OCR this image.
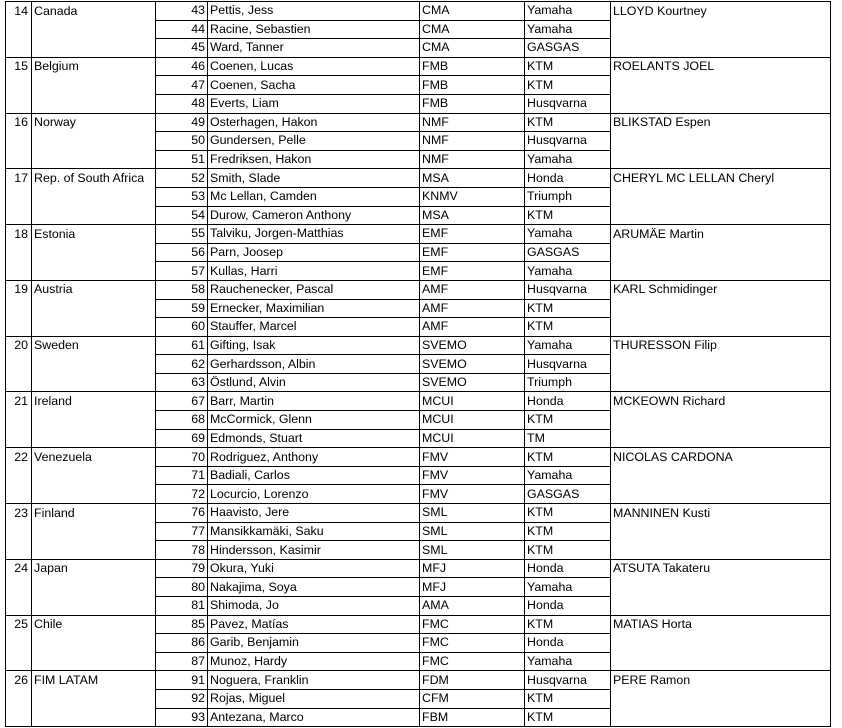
14	Canada	43	Pettis, Jess	CMA	Yamaha	LLOYD Kourtney
		44	Racine, Sebastien	CMA	Yamaha	
		45	Ward, Tanner	CMA	GASGAS	
15	Belgium	46	Coenen, Lucas	FMB	KTM	ROELANTS JOEL
		47	Coenen, Sacha	FMB	KTM	
		48	Everts, Liam	FMB	Husqvarna	
16	Norway	49	Osterhagen, Hakon	NMF	KTM	BLIKSTAD Espen
		50	Gundersen, Pelle	NMF	Husqvarna	
		51	Fredriksen, Hakon	NMF	Yamaha	
17	Rep. of South Africa	52	Smith, Slade	MSA	Honda	CHERYL MC LELLAN Cheryl
		53	Mc Lellan, Camden	KNMV	Triumph	
		54	Durow, Cameron Anthony	MSA	KTM	
18	Estonia	55	Talviku, Jorgen-Matthias	EMF	Yamaha	ARUMÄE Martin
		56	Parn, Joosep	EMF	GASGAS	
		57	Kullas, Harri	EMF	Yamaha	
19	Austria	58	Rauchenecker, Pascal	AMF	Husqvarna	KARL Schmidinger
		59	Ernecker, Maximilian	AMF	KTM	
		60	Stauffer, Marcel	AMF	KTM	
20	Sweden	61	Gifting, Isak	SVEMO	Yamaha	THURESSON Filip
		62	Gerhardsson, Albin	SVEMO	Husqvarna	
		63	Östlund, Alvin	SVEMO	Triumph	
21	Ireland	67	Barr, Martin	MCUI	Honda	MCKEOWN Richard
		68	McCormick, Glenn	MCUI	KTM	
		69	Edmonds, Stuart	MCUI	TM	
22	Venezuela	70	Rodriguez, Anthony	FMV	KTM	NICOLAS CARDONA
		71	Badiali, Carlos	FMV	Yamaha	
		72	Locurcio, Lorenzo	FMV	GASGAS	
23	Finland	76	Haavisto, Jere	SML	KTM	MANNINEN Kusti
		77	Mansikkamäki, Saku	SML	KTM	
		78	Hindersson, Kasimir	SML	KTM	
24	Japan	79	Okura, Yuki	MFJ	Honda	ATSUTA Takateru
		80	Nakajima, Soya	MFJ	Yamaha	
		81	Shimoda, Jo	AMA	Honda	
25	Chile	85	Pavez, Matías	FMC	KTM	MATIAS Horta
		86	Garib, Benjamin	FMC	Honda	
		87	Munoz, Hardy	FMC	Yamaha	
26	FIM LATAM	91	Noguera, Franklin	FDM	Husqvarna	PERE Ramon
		92	Rojas, Miguel	CFM	KTM	
		93	Antezana, Marco	FBM	KTM	
